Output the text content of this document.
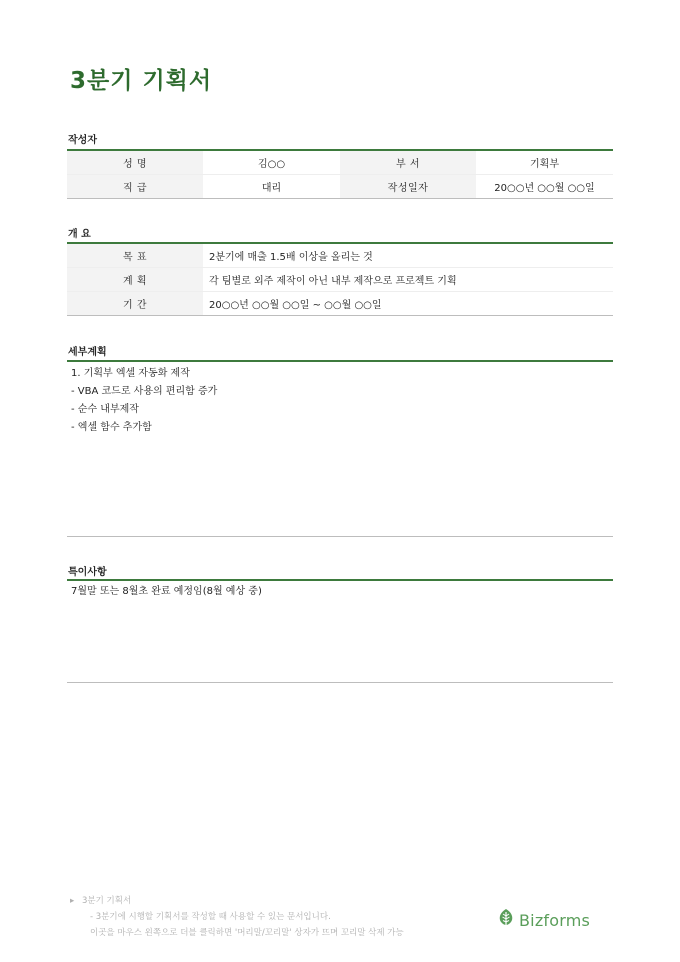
3분기 기획서
작성자
성 명	김○○	부 서	기획부
직 급	대리	작성일자	20○○년 ○○월 ○○일
개 요
목 표	2분기에 매출 1.5배 이상을 올리는 것
계 획	각 팀별로 외주 제작이 아닌 내부 제작으로 프로젝트 기획
기 간	20○○년 ○○월 ○○일 ~ ○○월 ○○일
세부계획
1. 기획부 엑셀 자동화 제작
- VBA 코드로 사용의 편리함 증가
- 순수 내부제작
- 엑셀 함수 추가함
특이사항
7월말 또는 8월초 완료 예정임(8월 예상 중)
▸ 3분기 기획서
- 3분기에 시행할 기획서를 작성할 때 사용할 수 있는 문서입니다.
이곳을 마우스 왼쪽으로 더블 클릭하면 '머리말/꼬리말' 상자가 뜨며 꼬리말 삭제 가능
Bizforms
